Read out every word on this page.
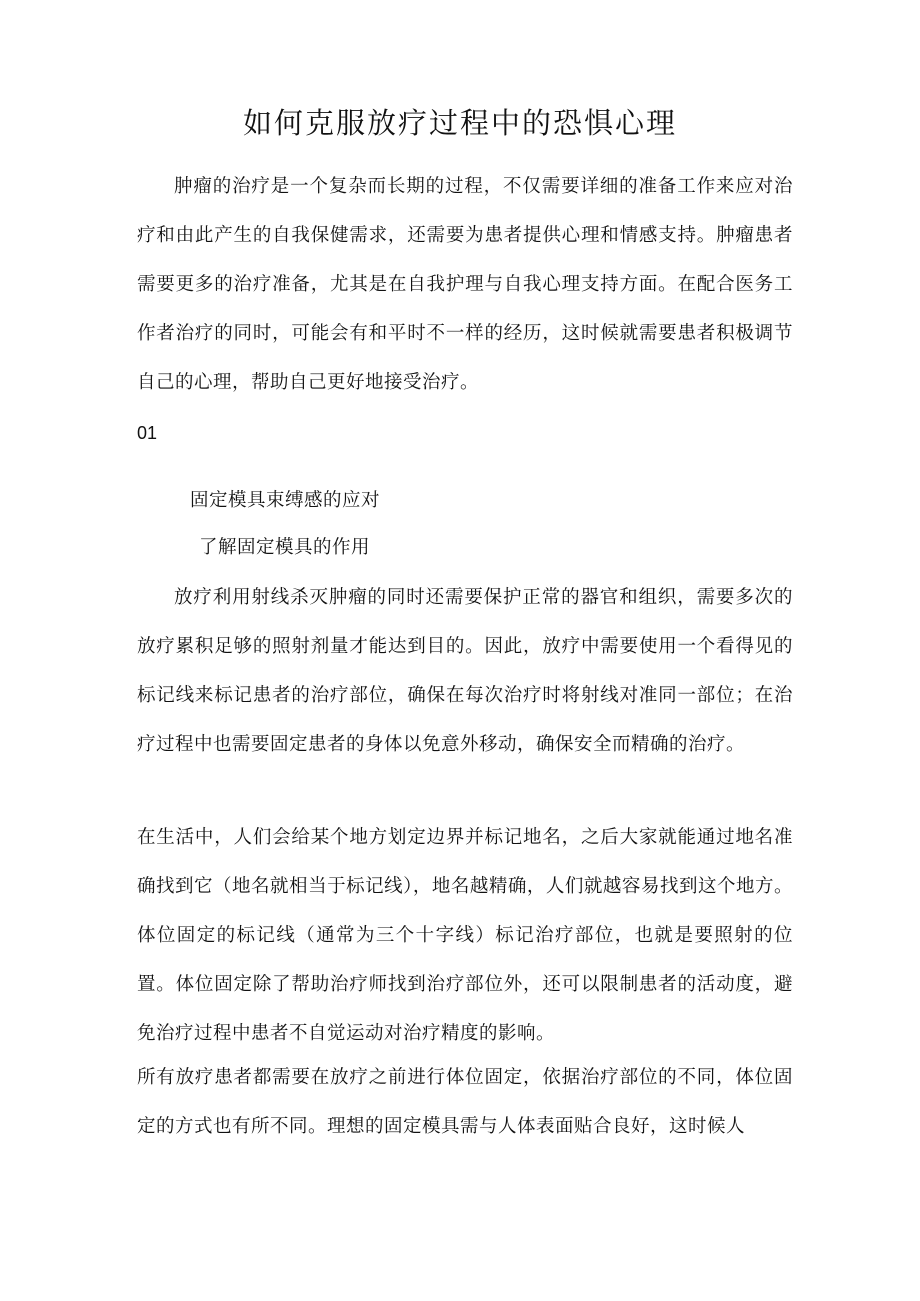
如何克服放疗过程中的恐惧心理

肿瘤的治疗是一个复杂而长期的过程，不仅需要详细的准备工作来应对治疗和由此产生的自我保健需求，还需要为患者提供心理和情感支持。肿瘤患者需要更多的治疗准备，尤其是在自我护理与自我心理支持方面。在配合医务工作者治疗的同时，可能会有和平时不一样的经历，这时候就需要患者积极调节自己的心理，帮助自己更好地接受治疗。

01

固定模具束缚感的应对

了解固定模具的作用

放疗利用射线杀灭肿瘤的同时还需要保护正常的器官和组织，需要多次的放疗累积足够的照射剂量才能达到目的。因此，放疗中需要使用一个看得见的标记线来标记患者的治疗部位，确保在每次治疗时将射线对准同一部位；在治疗过程中也需要固定患者的身体以免意外移动，确保安全而精确的治疗。

在生活中，人们会给某个地方划定边界并标记地名，之后大家就能通过地名准确找到它（地名就相当于标记线），地名越精确，人们就越容易找到这个地方。体位固定的标记线（通常为三个十字线）标记治疗部位，也就是要照射的位置。体位固定除了帮助治疗师找到治疗部位外，还可以限制患者的活动度，避免治疗过程中患者不自觉运动对治疗精度的影响。

所有放疗患者都需要在放疗之前进行体位固定，依据治疗部位的不同，体位固定的方式也有所不同。理想的固定模具需与人体表面贴合良好，这时候人
